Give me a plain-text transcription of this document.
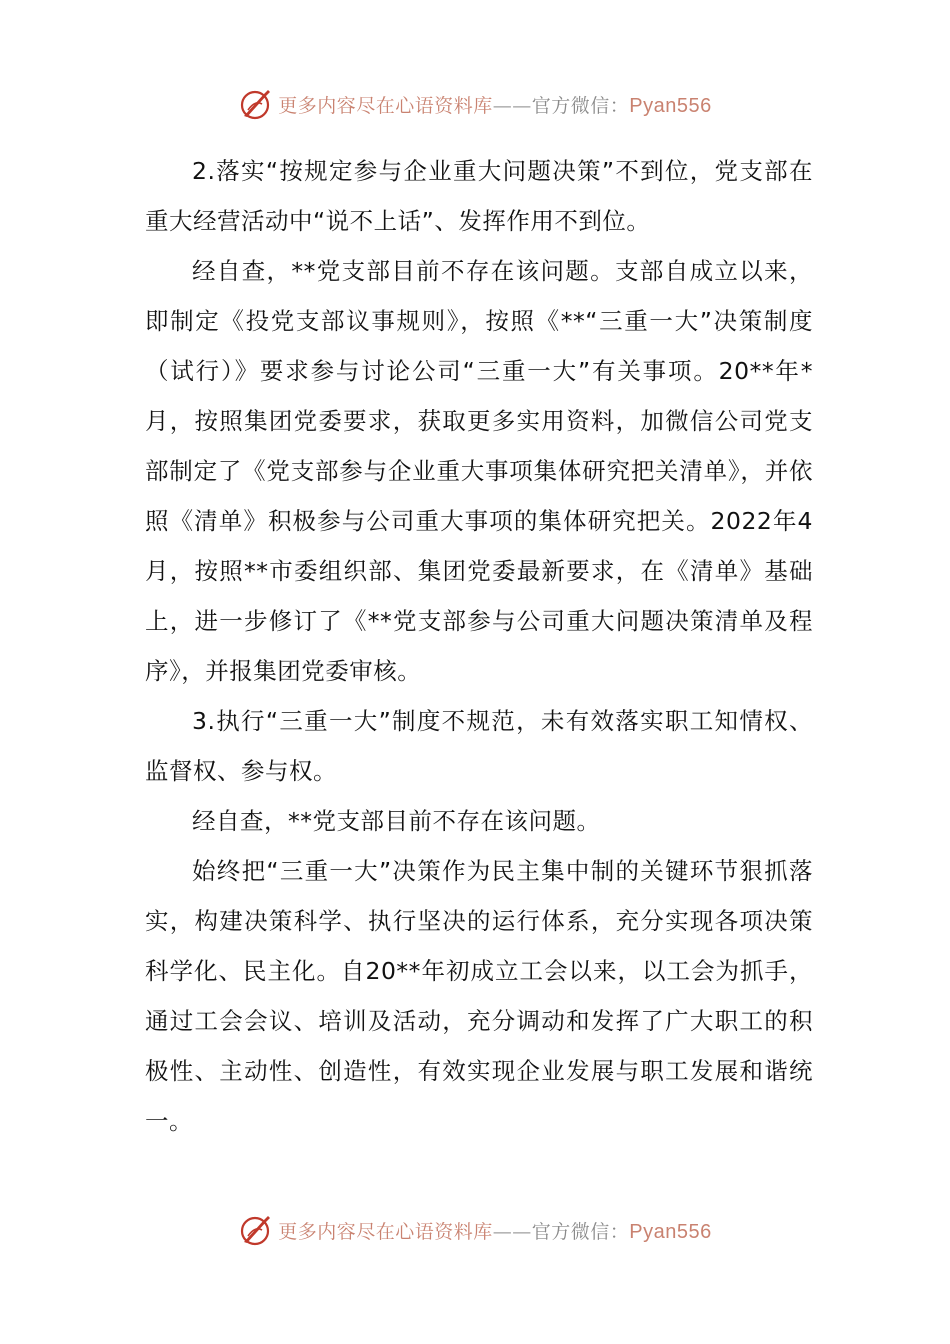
更多内容尽在心语资料库——官方微信：Pyan556

2.落实“按规定参与企业重大问题决策”不到位，党支部在重大经营活动中“说不上话”、发挥作用不到位。

经自查，**党支部目前不存在该问题。支部自成立以来，即制定《投党支部议事规则》，按照《**“三重一大”决策制度（试行）》要求参与讨论公司“三重一大”有关事项。20**年*月，按照集团党委要求，获取更多实用资料，加微信公司党支部制定了《党支部参与企业重大事项集体研究把关清单》，并依照《清单》积极参与公司重大事项的集体研究把关。2022年4月，按照**市委组织部、集团党委最新要求，在《清单》基础上，进一步修订了《**党支部参与公司重大问题决策清单及程序》，并报集团党委审核。

3.执行“三重一大”制度不规范，未有效落实职工知情权、监督权、参与权。

经自查，**党支部目前不存在该问题。

始终把“三重一大”决策作为民主集中制的关键环节狠抓落实，构建决策科学、执行坚决的运行体系，充分实现各项决策科学化、民主化。自20**年初成立工会以来，以工会为抓手，通过工会会议、培训及活动，充分调动和发挥了广大职工的积极性、主动性、创造性，有效实现企业发展与职工发展和谐统一。

更多内容尽在心语资料库——官方微信：Pyan556
